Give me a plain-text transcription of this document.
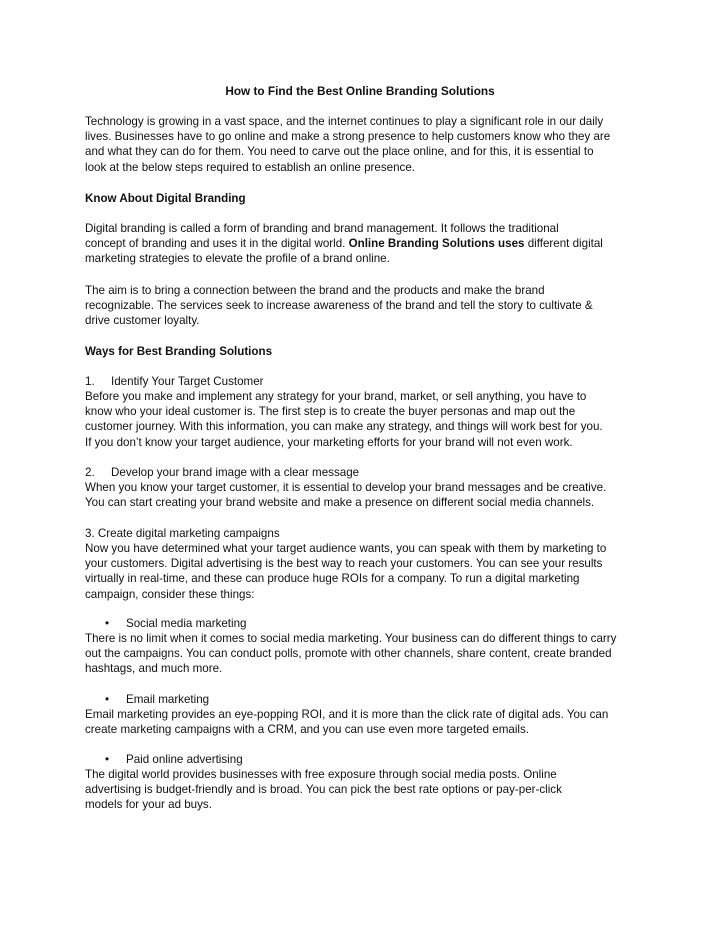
How to Find the Best Online Branding Solutions

Technology is growing in a vast space, and the internet continues to play a significant role in our daily
lives. Businesses have to go online and make a strong presence to help customers know who they are
and what they can do for them. You need to carve out the place online, and for this, it is essential to
look at the below steps required to establish an online presence.

Know About Digital Branding

Digital branding is called a form of branding and brand management. It follows the traditional
concept of branding and uses it in the digital world. Online Branding Solutions uses different digital
marketing strategies to elevate the profile of a brand online.

The aim is to bring a connection between the brand and the products and make the brand
recognizable. The services seek to increase awareness of the brand and tell the story to cultivate &
drive customer loyalty.

Ways for Best Branding Solutions
1. Identify Your Target Customer

Before you make and implement any strategy for your brand, market, or sell anything, you have to
know who your ideal customer is. The first step is to create the buyer personas and map out the
customer journey. With this information, you can make any strategy, and things will work best for you.
If you don’t know your target audience, your marketing efforts for your brand will not even work.

2. Develop your brand image with a clear message

When you know your target customer, it is essential to develop your brand messages and be creative.
You can start creating your brand website and make a presence on different social media channels.

3. Create digital marketing campaigns

Now you have determined what your target audience wants, you can speak with them by marketing to
your customers. Digital advertising is the best way to reach your customers. You can see your results
virtually in real-time, and these can produce huge ROIs for a company. To run a digital marketing
campaign, consider these things:

• Social media marketing

There is no limit when it comes to social media marketing. Your business can do different things to carry
out the campaigns. You can conduct polls, promote with other channels, share content, create branded
hashtags, and much more.

• Email marketing

Email marketing provides an eye-popping ROI, and it is more than the click rate of digital ads. You can
create marketing campaigns with a CRM, and you can use even more targeted emails.

• Paid online advertising

The digital world provides businesses with free exposure through social media posts. Online
advertising is budget-friendly and is broad. You can pick the best rate options or pay-per-click
models for your ad buys.
